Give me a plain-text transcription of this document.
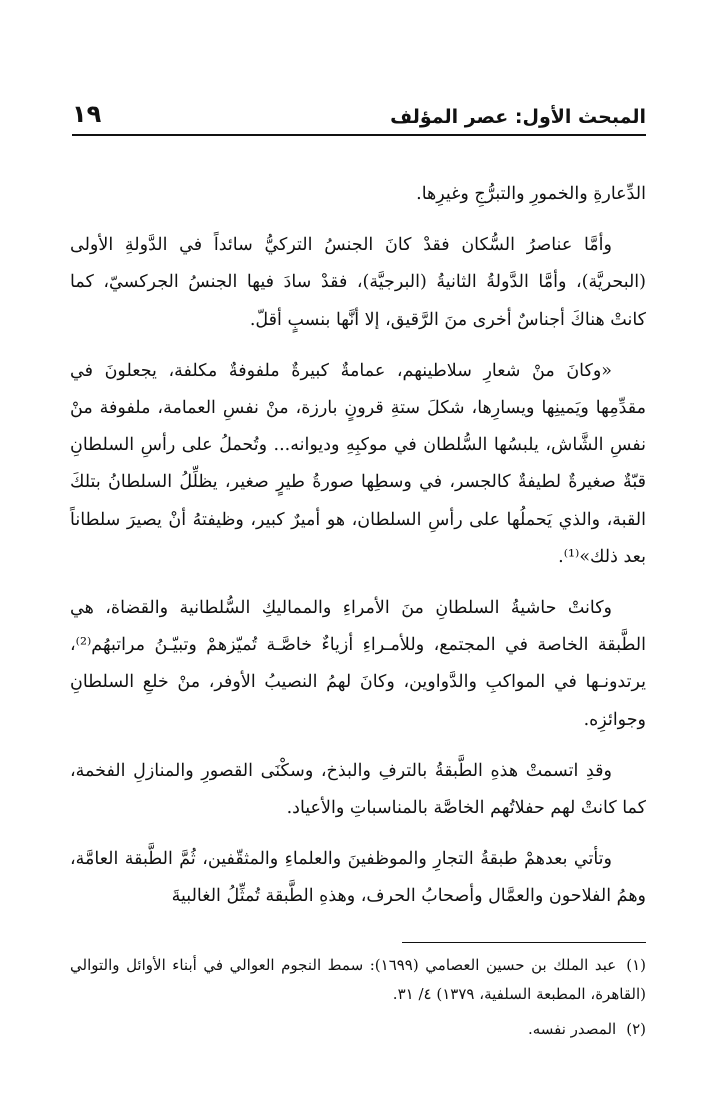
المبحث الأول: عصر المؤلف
١٩

الدِّعارةِ والخمورِ والتبرُّجِ وغيرِها.

وأمَّا عناصرُ السُّكان فقدْ كانَ الجنسُ التركيُّ سائداً في الدَّولةِ الأولى (البحريَّة)، وأمَّا الدَّولةُ الثانيةُ (البرجيَّة)، فقدْ سادَ فيها الجنسُ الجركسيّ، كما كانتْ هناكَ أجناسٌ أخرى منَ الرَّقيق، إلا أنَّها بنسبٍ أقلّ.

«وكانَ منْ شعارِ سلاطينهم، عمامةٌ كبيرةٌ ملفوفةٌ مكلفة، يجعلونَ في مقدِّمِها ويَمينِها ويسارِها، شكلَ ستةِ قرونٍ بارزة، منْ نفسِ العمامة، ملفوفة منْ نفسِ الشَّاش، يلبسُها السُّلطان في موكبِهِ وديوانه... وتُحملُ على رأسِ السلطانِ قبّةٌ صغيرةٌ لطيفةٌ كالجسر، في وسطِها صورةُ طيرٍ صغير، يظلِّلُ السلطانُ بتلكَ القبة، والذي يَحملُها على رأسِ السلطان، هو أميرٌ كبير، وظيفتهُ أنْ يصيرَ سلطاناً بعد ذلك»⁽¹⁾.

وكانتْ حاشيةُ السلطانِ منَ الأمراءِ والمماليكِ السُّلطانية والقضاة، هي الطَّبقة الخاصة في المجتمع، وللأمـراءِ أزياءٌ خاصَّـة تُميّزهمْ وتبيّـنُ مراتبهُم⁽²⁾، يرتدونـها في المواكبِ والدَّواوين، وكانَ لهمُ النصيبُ الأوفر، منْ خلعِ السلطانِ وجوائزِه.

وقدِ اتسمتْ هذهِ الطَّبقةُ بالترفِ والبذخ، وسكْنَى القصورِ والمنازلِ الفخمة، كما كانتْ لهم حفلاتُهم الخاصَّة بالمناسباتِ والأعياد.

وتأتي بعدهمْ طبقةُ التجارِ والموظفينَ والعلماءِ والمثقّفين، ثُمَّ الطَّبقة العامَّة، وهمُ الفلاحون والعمَّال وأصحابُ الحرف، وهذهِ الطَّبقة تُمثِّلُ الغالبيةَ

(١)عبد الملك بن حسين العصامي (١٦٩٩): سمط النجوم العوالي في أبناء الأوائل والتوالي (القاهرة، المطبعة السلفية، ١٣٧٩) ٤/ ٣١.
(٢)المصدر نفسه.
